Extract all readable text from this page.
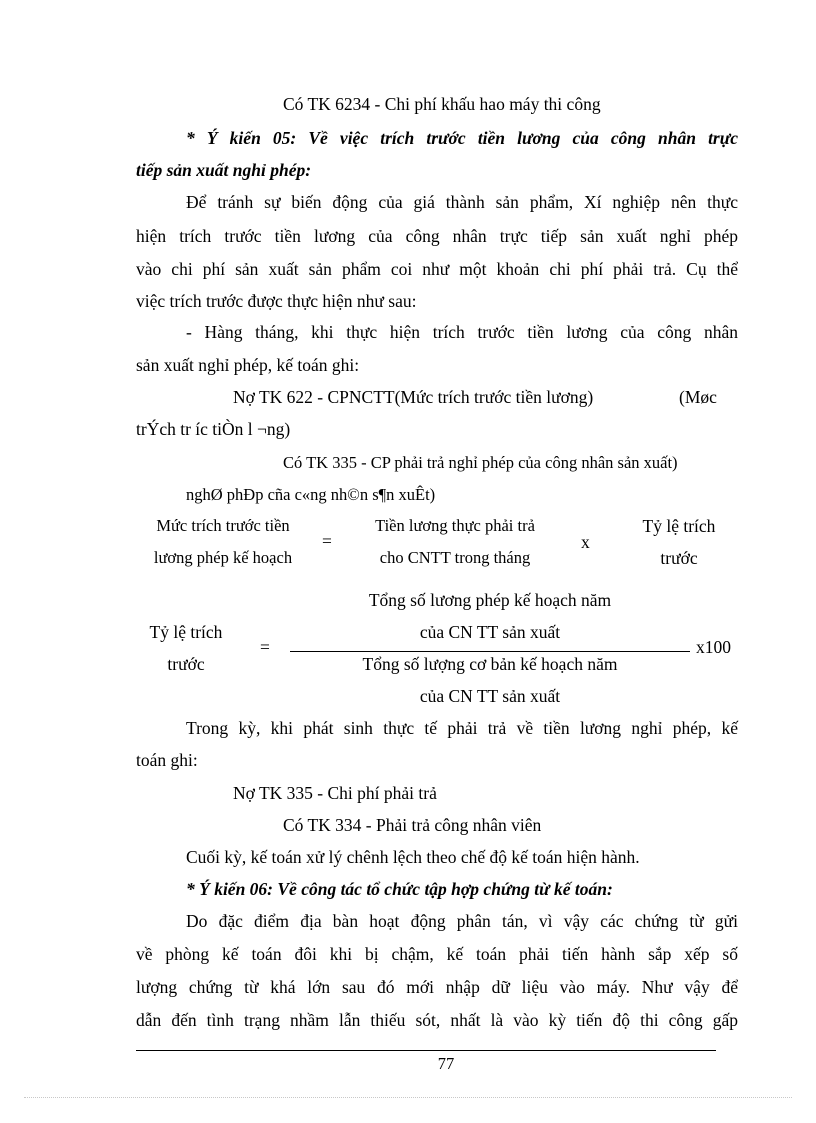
Có TK 6234 - Chi phí khấu hao máy thi công
* Ý kiến 05: Về việc trích trước tiền lương của công nhân trực
tiếp sản xuất nghỉ phép:
Để tránh sự biến động của giá thành sản phẩm, Xí nghiệp nên thực
hiện trích trước tiền lương của công nhân trực tiếp sản xuất nghỉ phép
vào chi phí sản xuất sản phẩm coi như một khoản chi phí phải trả. Cụ thể
việc trích trước được thực hiện như sau:
- Hàng tháng, khi thực hiện trích trước tiền lương của công nhân
sản xuất nghỉ phép, kế toán ghi:
Nợ TK 622 - CPNCTT(Mức trích trước tiền lương)	(Møc
trÝch tr íc tiÒn l ¬ng)
Có TK 335 - CP phải trả nghỉ phép của công nhân sản xuất)
nghØ phÐp cña c«ng nh©n s¶n xuÊt)
Mức trích trước tiền
lương phép kế hoạch
=
Tiền lương thực phải trả
cho CNTT trong tháng
x
Tỷ lệ trích
trước
Tổng số lương phép kế hoạch năm
Tỷ lệ trích	của CN TT sản xuất
=	x100
trước	Tổng số lượng cơ bản kế hoạch năm
của CN TT sản xuất
Trong kỳ, khi phát sinh thực tế phải trả về tiền lương nghỉ phép, kế
toán ghi:
Nợ TK 335 - Chi phí phải trả
Có TK 334 - Phải trả công nhân viên
Cuối kỳ, kế toán xử lý chênh lệch theo chế độ kế toán hiện hành.
* Ý kiến 06: Về công tác tổ chức tập hợp chứng từ kế toán:
Do đặc điểm địa bàn hoạt động phân tán, vì vậy các chứng từ gửi
về phòng kế toán đôi khi bị chậm, kế toán phải tiến hành sắp xếp số
lượng chứng từ khá lớn sau đó mới nhập dữ liệu vào máy. Như vậy để
dẫn đến tình trạng nhầm lẫn thiếu sót, nhất là vào kỳ tiến độ thi công gấp
77
